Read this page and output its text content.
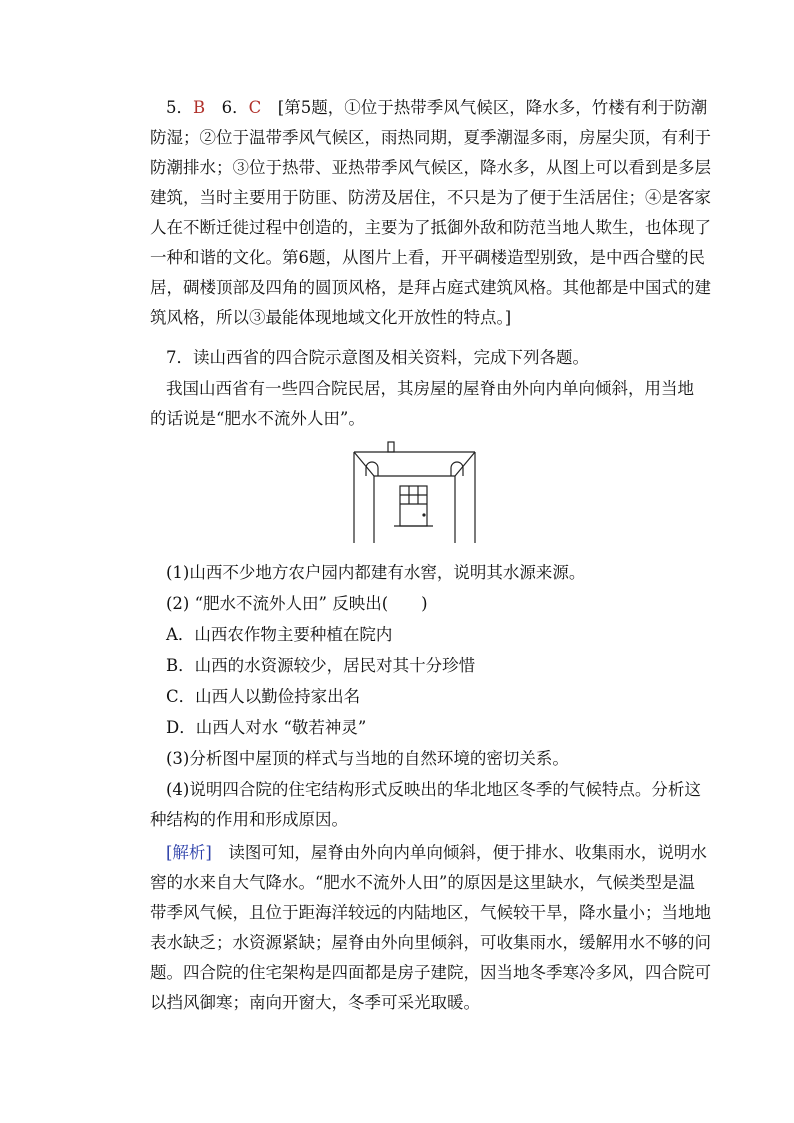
5．B　 6．C　 [第5题，①位于热带季风气候区，降水多，竹楼有利于防潮

防湿；②位于温带季风气候区，雨热同期，夏季潮湿多雨，房屋尖顶，有利于

防潮排水；③位于热带、亚热带季风气候区，降水多，从图上可以看到是多层

建筑，当时主要用于防匪、防涝及居住，不只是为了便于生活居住；④是客家

人在不断迁徙过程中创造的，主要为了抵御外敌和防范当地人欺生，也体现了

一种和谐的文化。第6题，从图片上看，开平碉楼造型别致，是中西合璧的民

居，碉楼顶部及四角的圆顶风格，是拜占庭式建筑风格。其他都是中国式的建

筑风格，所以③最能体现地域文化开放性的特点。]

7．读山西省的四合院示意图及相关资料，完成下列各题。

我国山西省有一些四合院民居，其房屋的屋脊由外向内单向倾斜，用当地

的话说是“肥水不流外人田”。

(1)山西不少地方农户园内都建有水窖，说明其水源来源。

(2) “肥水不流外人田” 反映出(　　)

A．山西农作物主要种植在院内

B．山西的水资源较少，居民对其十分珍惜

C．山西人以勤俭持家出名

D．山西人对水 “敬若神灵”

(3)分析图中屋顶的样式与当地的自然环境的密切关系。

(4)说明四合院的住宅结构形式反映出的华北地区冬季的气候特点。分析这

种结构的作用和形成原因。

[解析]　读图可知，屋脊由外向内单向倾斜，便于排水、收集雨水，说明水

窖的水来自大气降水。“肥水不流外人田”的原因是这里缺水，气候类型是温

带季风气候，且位于距海洋较远的内陆地区，气候较干旱，降水量小；当地地

表水缺乏；水资源紧缺；屋脊由外向里倾斜，可收集雨水，缓解用水不够的问

题。四合院的住宅架构是四面都是房子建院，因当地冬季寒冷多风，四合院可

以挡风御寒；南向开窗大，冬季可采光取暖。
